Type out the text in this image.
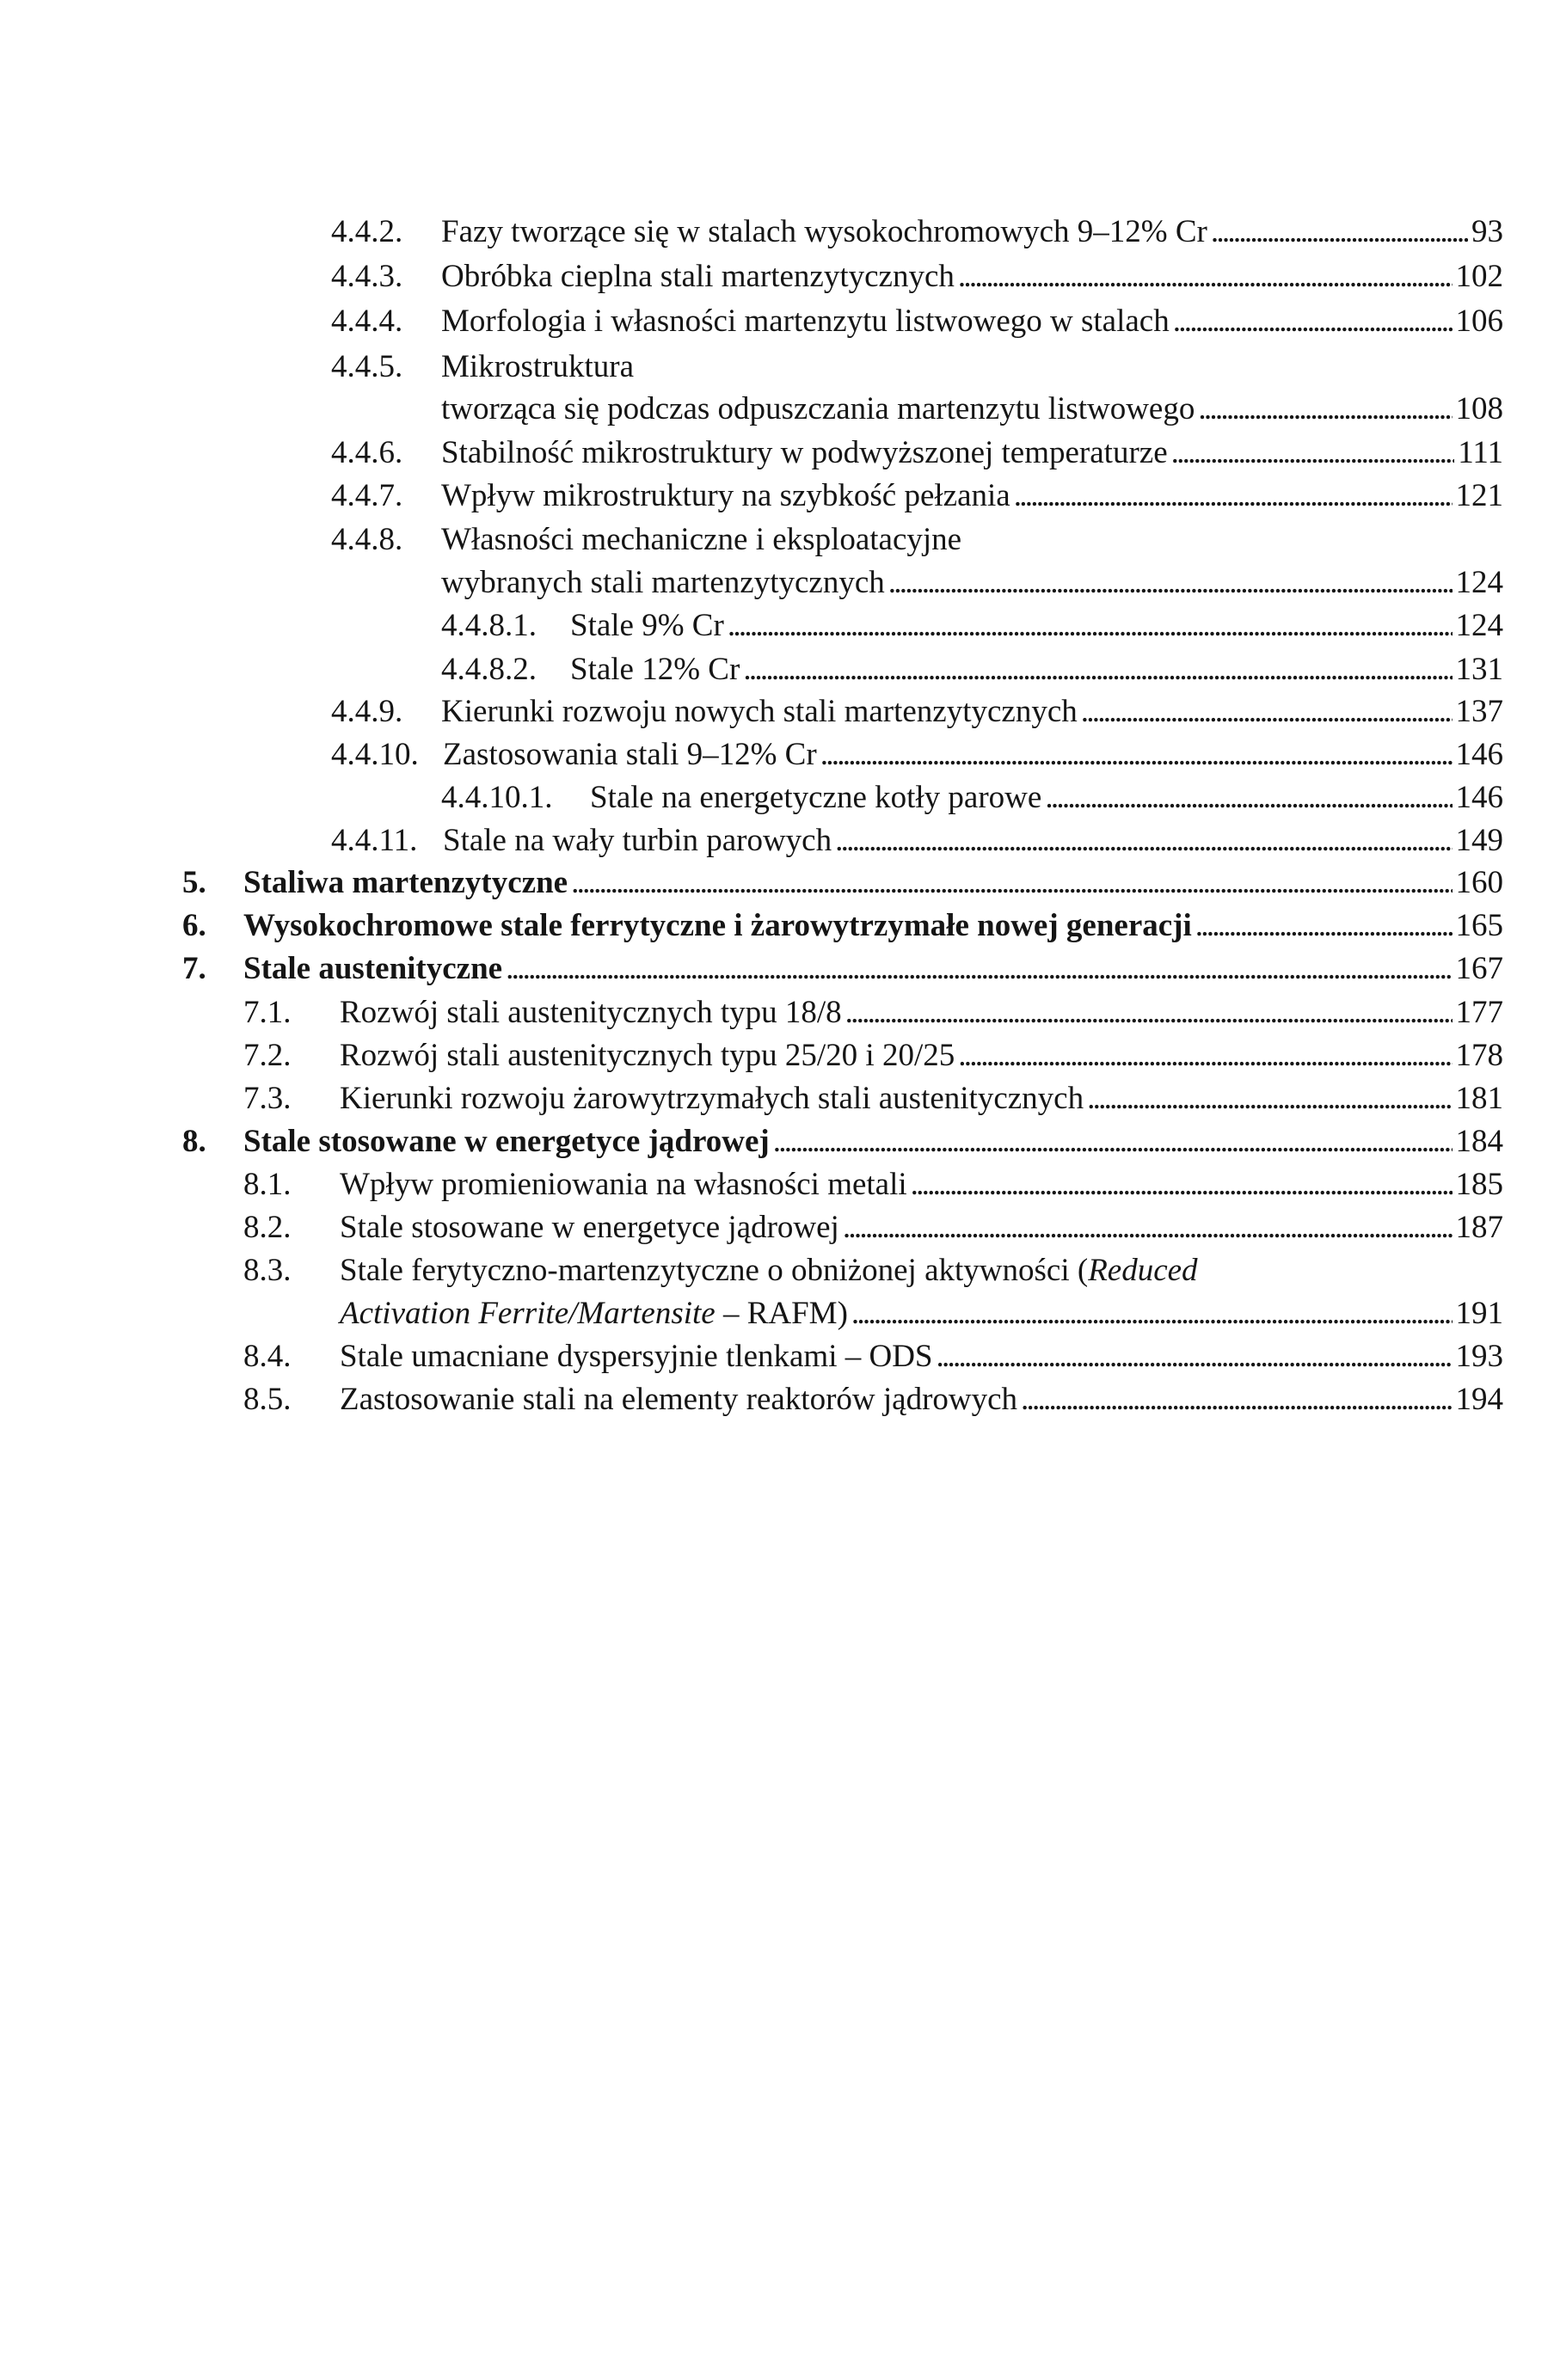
4.4.2. Fazy tworzące się w stalach wysokochromowych 9–12% Cr . . .	93
4.4.3. Obróbka cieplna stali martenzytycznych . . .	102
4.4.4. Morfologia i własności martenzytu listwowego w stalach . . .	106
4.4.5. Mikrostruktura
tworząca się podczas odpuszczania martenzytu listwowego . . .	108
4.4.6. Stabilność mikrostruktury w podwyższonej temperaturze . . .	111
4.4.7. Wpływ mikrostruktury na szybkość pełzania . . .	121
4.4.8. Własności mechaniczne i eksploatacyjne
wybranych stali martenzytycznych . . .	124
4.4.8.1. Stale 9% Cr . . .	124
4.4.8.2. Stale 12% Cr . . .	131
4.4.9. Kierunki rozwoju nowych stali martenzytycznych . . .	137
4.4.10. Zastosowania stali 9–12% Cr . . .	146
4.4.10.1. Stale na energetyczne kotły parowe . . .	146
4.4.11. Stale na wały turbin parowych . . .	149
5. Staliwa martenzytyczne . . .	160
6. Wysokochromowe stale ferrytyczne i żarowytrzymałe nowej generacji . . .	165
7. Stale austenityczne . . .	167
7.1. Rozwój stali austenitycznych typu 18/8 . . .	177
7.2. Rozwój stali austenitycznych typu 25/20 i 20/25 . . .	178
7.3. Kierunki rozwoju żarowytrzymałych stali austenitycznych . . .	181
8. Stale stosowane w energetyce jądrowej . . .	184
8.1. Wpływ promieniowania na własności metali . . .	185
8.2. Stale stosowane w energetyce jądrowej . . .	187
8.3. Stale ferytyczno-martenzytyczne o obniżonej aktywności (Reduced
Activation Ferrite/Martensite – RAFM) . . .	191
8.4. Stale umacniane dyspersyjnie tlenkami – ODS . . .	193
8.5. Zastosowanie stali na elementy reaktorów jądrowych . . .	194
